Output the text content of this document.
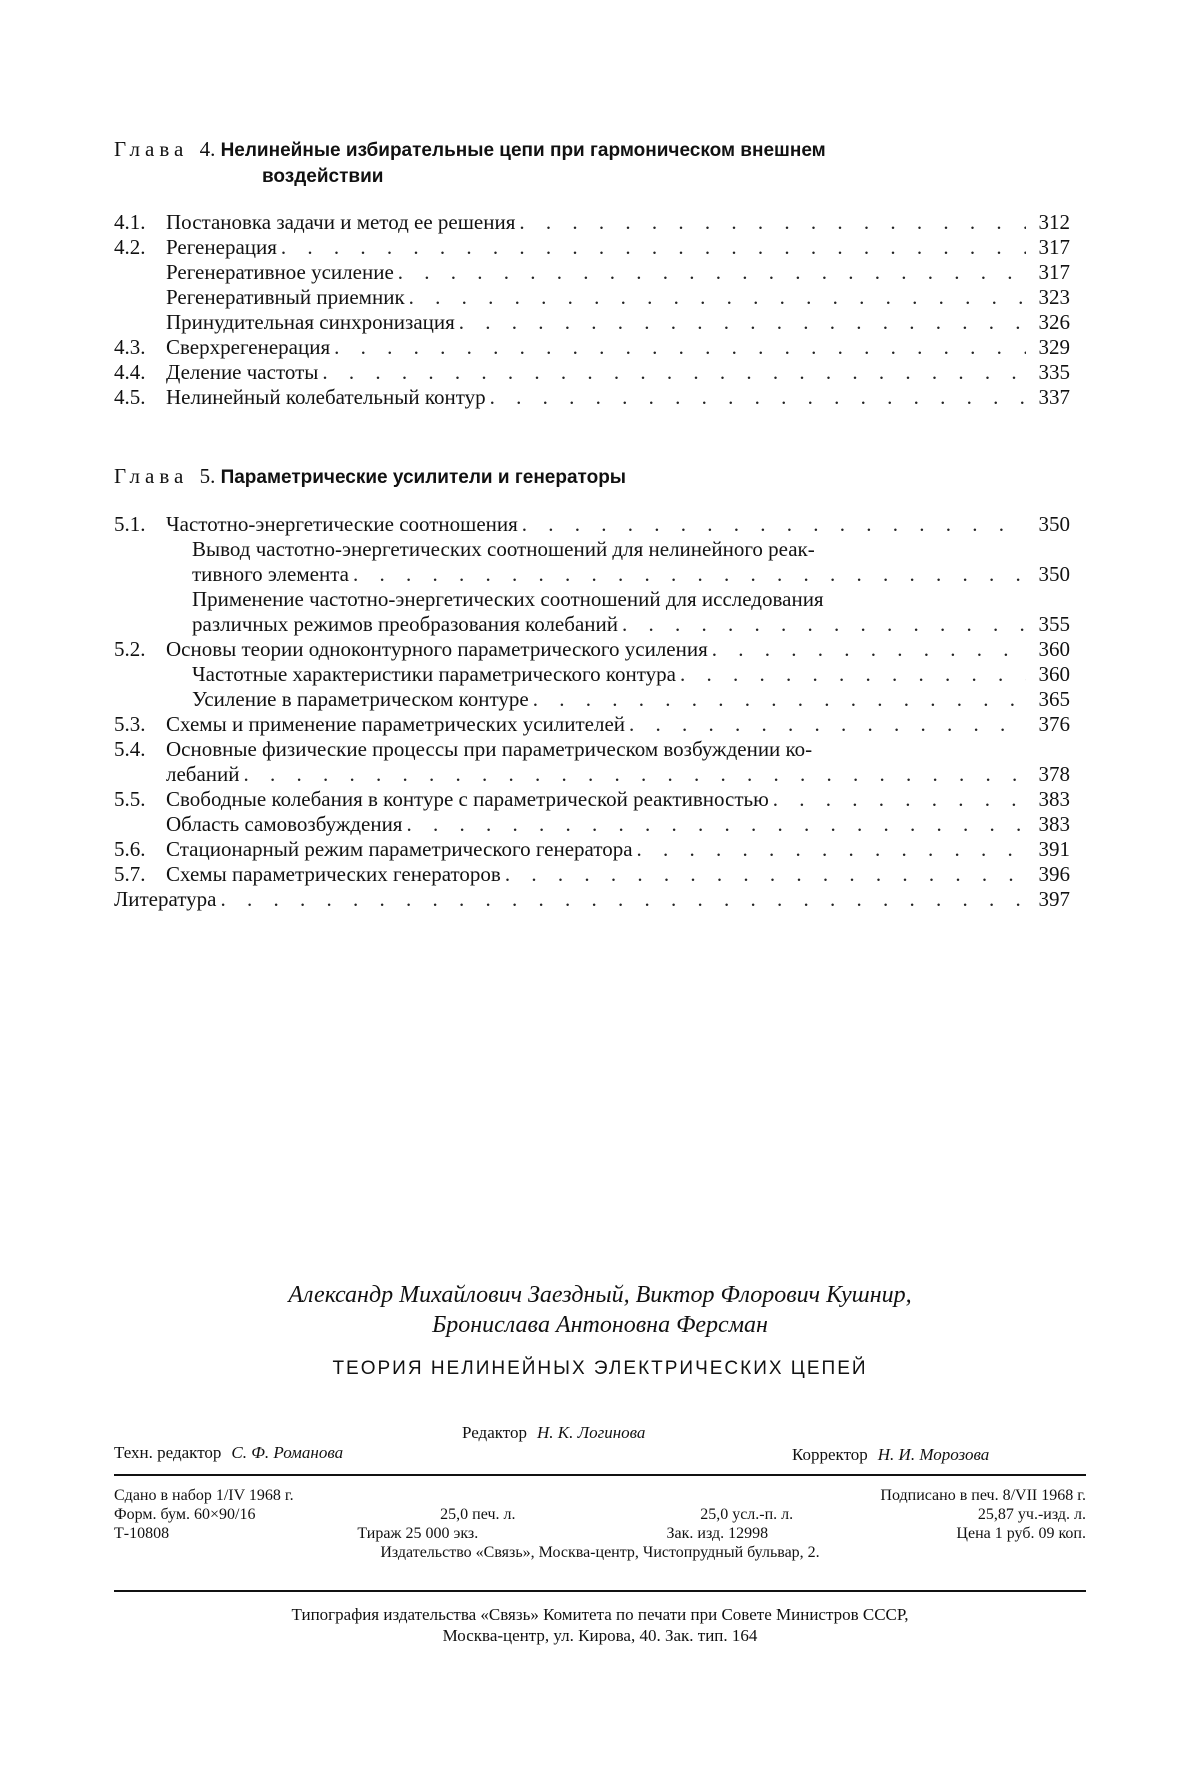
Глава 4. Нелинейные избирательные цепи при гармоническом внешнем
воздействии
4.1. Постановка задачи и метод ее решения . . .	312
4.2. Регенерация . . .	317
Регенеративное усиление . . .	317
Регенеративный приемник . . .	323
Принудительная синхронизация . . .	326
4.3. Сверхрегенерация . . .	329
4.4. Деление частоты . . .	335
4.5. Нелинейный колебательный контур . . .	337
Глава 5. Параметрические усилители и генераторы
5.1. Частотно-энергетические соотношения . . .	350
Вывод частотно-энергетических соотношений для нелинейного реак-
тивного элемента . . .	350
Применение частотно-энергетических соотношений для исследования
различных режимов преобразования колебаний . . .	355
5.2. Основы теории одноконтурного параметрического усиления . . .	360
Частотные характеристики параметрического контура . . .	360
Усиление в параметрическом контуре . . .	365
5.3. Схемы и применение параметрических усилителей . . .	376
5.4. Основные физические процессы при параметрическом возбуждении ко-
лебаний . . .	378
5.5. Свободные колебания в контуре с параметрической реактивностью . . .	383
Область самовозбуждения . . .	383
5.6. Стационарный режим параметрического генератора . . .	391
5.7. Схемы параметрических генераторов . . .	396
Литература . . .	397
Александр Михайлович Заездный, Виктор Флорович Кушнир,
Брониславa Антоновна Ферсман
ТЕОРИЯ НЕЛИНЕЙНЫХ ЭЛЕКТРИЧЕСКИХ ЦЕПЕЙ
Редактор Н. К. Логинова
Техн. редактор С. Ф. Романова	Корректор Н. И. Морозова
Сдано в набор 1/IV 1968 г.	Подписано в печ. 8/VII 1968 г.
Форм. бум. 60×90/16	25,0 печ. л.	25,0 усл.-п. л.	25,87 уч.-изд. л.
Т-10808	Тираж 25 000 экз.	Зак. изд. 12998	Цена 1 руб. 09 коп.
Издательство «Связь», Москва-центр, Чистопрудный бульвар, 2.
Типография издательства «Связь» Комитета по печати при Совете Министров СССР,
Москва-центр, ул. Кирова, 40. Зак. тип. 164
